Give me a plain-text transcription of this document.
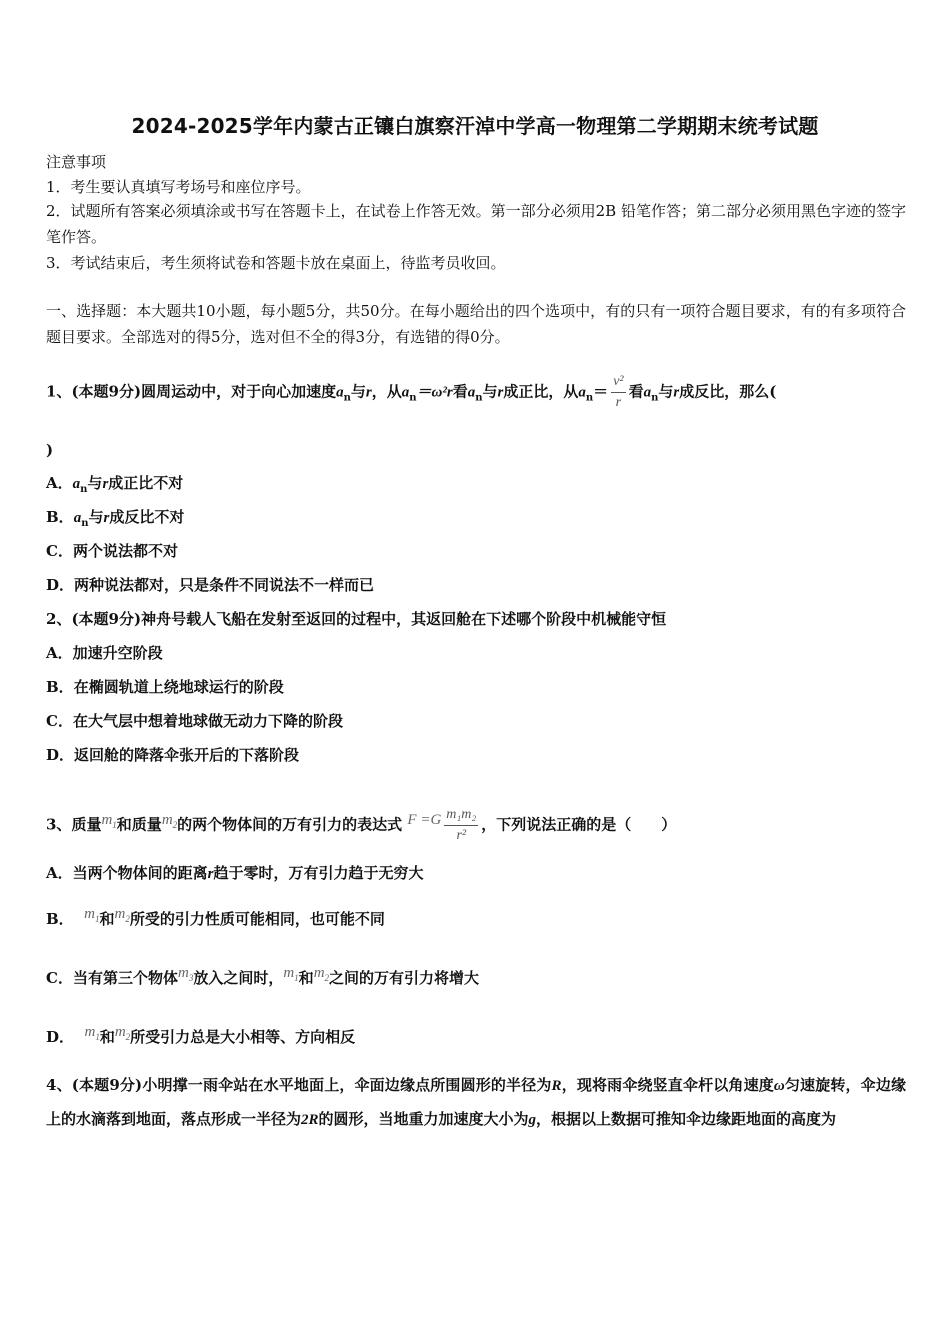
2024-2025学年内蒙古正镶白旗察汗淖中学高一物理第二学期期末统考试题
注意事项
1．考生要认真填写考场号和座位序号。
2．试题所有答案必须填涂或书写在答题卡上，在试卷上作答无效。第一部分必须用2B 铅笔作答；第二部分必须用黑色字迹的签字笔作答。
3．考试结束后，考生须将试卷和答题卡放在桌面上，待监考员收回。
一、选择题：本大题共10小题，每小题5分，共50分。在每小题给出的四个选项中，有的只有一项符合题目要求，有的有多项符合题目要求。全部选对的得5分，选对但不全的得3分，有选错的得0分。
1、(本题9分)圆周运动中，对于向心加速度$a_n$与r，从$a_n=\omega^2r$看$a_n$与r成正比，从$a_n= \frac{\text{v²}}{r}$ 看$a_n$与r成反比，那么(
)
A．$a_n$与r成正比不对
B．$a_n$与r成反比不对
C．两个说法都不对
D．两种说法都对，只是条件不同说法不一样而已
2、(本题9分)神舟号载人飞船在发射至返回的过程中，其返回舱在下述哪个阶段中机械能守恒
A．加速升空阶段
B．在椭圆轨道上绕地球运行的阶段
C．在大气层中想着地球做无动力下降的阶段
D．返回舱的降落伞张开后的下落阶段
3、质量$m_1$和质量$m_2$的两个物体间的万有引力的表达式 $F =G \frac{\text{m₁m₂}}{\text{r²}}$ ，下列说法正确的是（　　）
A．当两个物体间的距离r趋于零时，万有引力趋于无穷大
B． $m_1$和$m_2$所受的引力性质可能相同，也可能不同
C．当有第三个物体$m_3$放入之间时，$m_1$和$m_2$之间的万有引力将增大
D． $m_1$和$m_2$所受引力总是大小相等、方向相反
4、(本题9分)小明撑一雨伞站在水平地面上，伞面边缘点所围圆形的半径为R，现将雨伞绕竖直伞杆以角速度ω匀速旋转，伞边缘上的水滴落到地面，落点形成一半径为2R的圆形，当地重力加速度大小为g，根据以上数据可推知伞边缘距地面的高度为
